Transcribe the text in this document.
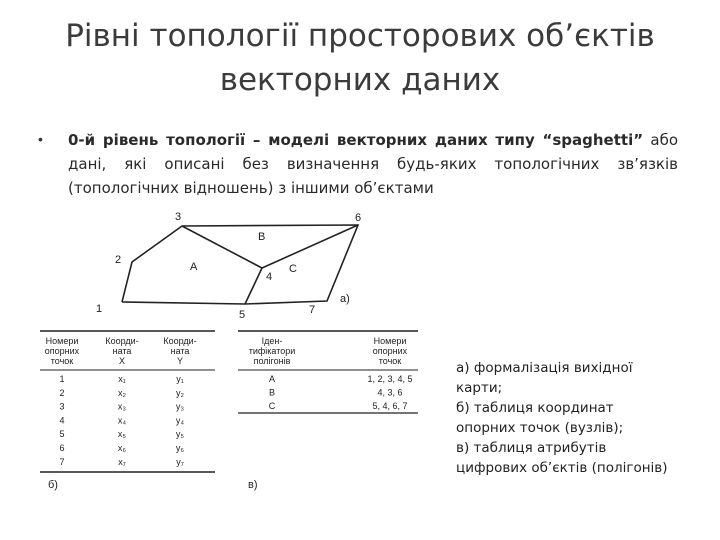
Рівні топології просторових об’єктів
векторних даних
• 0-й рівень топології – моделі векторних даних типу “spaghetti” або дані, які описані без визначення будь-яких топологічних зв’язків (топологічних відношень) з іншими об’єктами
1
2
3
4
5
6
7
A
B
C
а)
Номери
опорних
точок
Коорди-
ната
X
Коорди-
ната
Y
1	x₁	y₁
2	x₂	y₂
3	x₃	y₃
4	x₄	y₄
5	x₅	y₅
6	x₆	y₆
7	x₇	y₇
б)
Іден-
тифікатори
полігонів
Номери
опорних
точок
A	1, 2, 3, 4, 5
B	4, 3, 6
C	5, 4, 6, 7
в)
а) формалізація вихідної
карти;
б) таблиця координат
опорних точок (вузлів);
в) таблиця атрибутів
цифрових об’єктів (полігонів)
